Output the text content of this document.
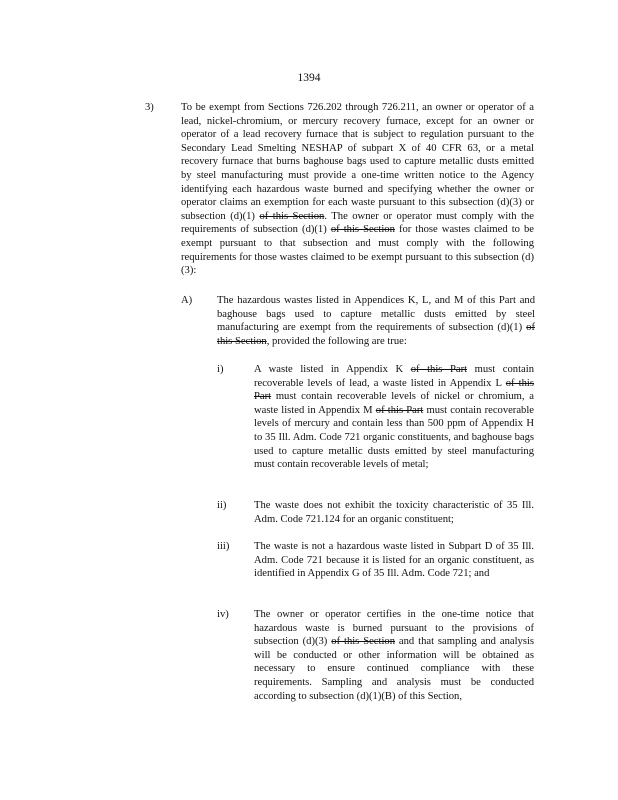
1394
3)	To be exempt from Sections 726.202 through 726.211, an owner or operator of a lead, nickel-chromium, or mercury recovery furnace, except for an owner or operator of a lead recovery furnace that is subject to regulation pursuant to the Secondary Lead Smelting NESHAP of subpart X of 40 CFR 63, or a metal recovery furnace that burns baghouse bags used to capture metallic dusts emitted by steel manufacturing must provide a one-time written notice to the Agency identifying each hazardous waste burned and specifying whether the owner or operator claims an exemption for each waste pursuant to this subsection (d)(3) or subsection (d)(1) of this Section. The owner or operator must comply with the requirements of subsection (d)(1) of this Section for those wastes claimed to be exempt pursuant to that subsection and must comply with the following requirements for those wastes claimed to be exempt pursuant to this subsection (d)(3):
A) The hazardous wastes listed in Appendices K, L, and M of this Part and baghouse bags used to capture metallic dusts emitted by steel manufacturing are exempt from the requirements of subsection (d)(1) of this Section, provided the following are true:
i)	A waste listed in Appendix K of this Part must contain recoverable levels of lead, a waste listed in Appendix L of this Part must contain recoverable levels of nickel or chromium, a waste listed in Appendix M of this Part must contain recoverable levels of mercury and contain less than 500 ppm of Appendix H to 35 Ill. Adm. Code 721 organic constituents, and baghouse bags used to capture metallic dusts emitted by steel manufacturing must contain recoverable levels of metal;
ii)	The waste does not exhibit the toxicity characteristic of 35 Ill. Adm. Code 721.124 for an organic constituent;
iii) The waste is not a hazardous waste listed in Subpart D of 35 Ill. Adm. Code 721 because it is listed for an organic constituent, as identified in Appendix G of 35 Ill. Adm. Code 721; and
iv) The owner or operator certifies in the one-time notice that hazardous waste is burned pursuant to the provisions of subsection (d)(3) of this Section and that sampling and analysis will be conducted or other information will be obtained as necessary to ensure continued compliance with these requirements. Sampling and analysis must be conducted according to subsection (d)(1)(B) of this Section,
